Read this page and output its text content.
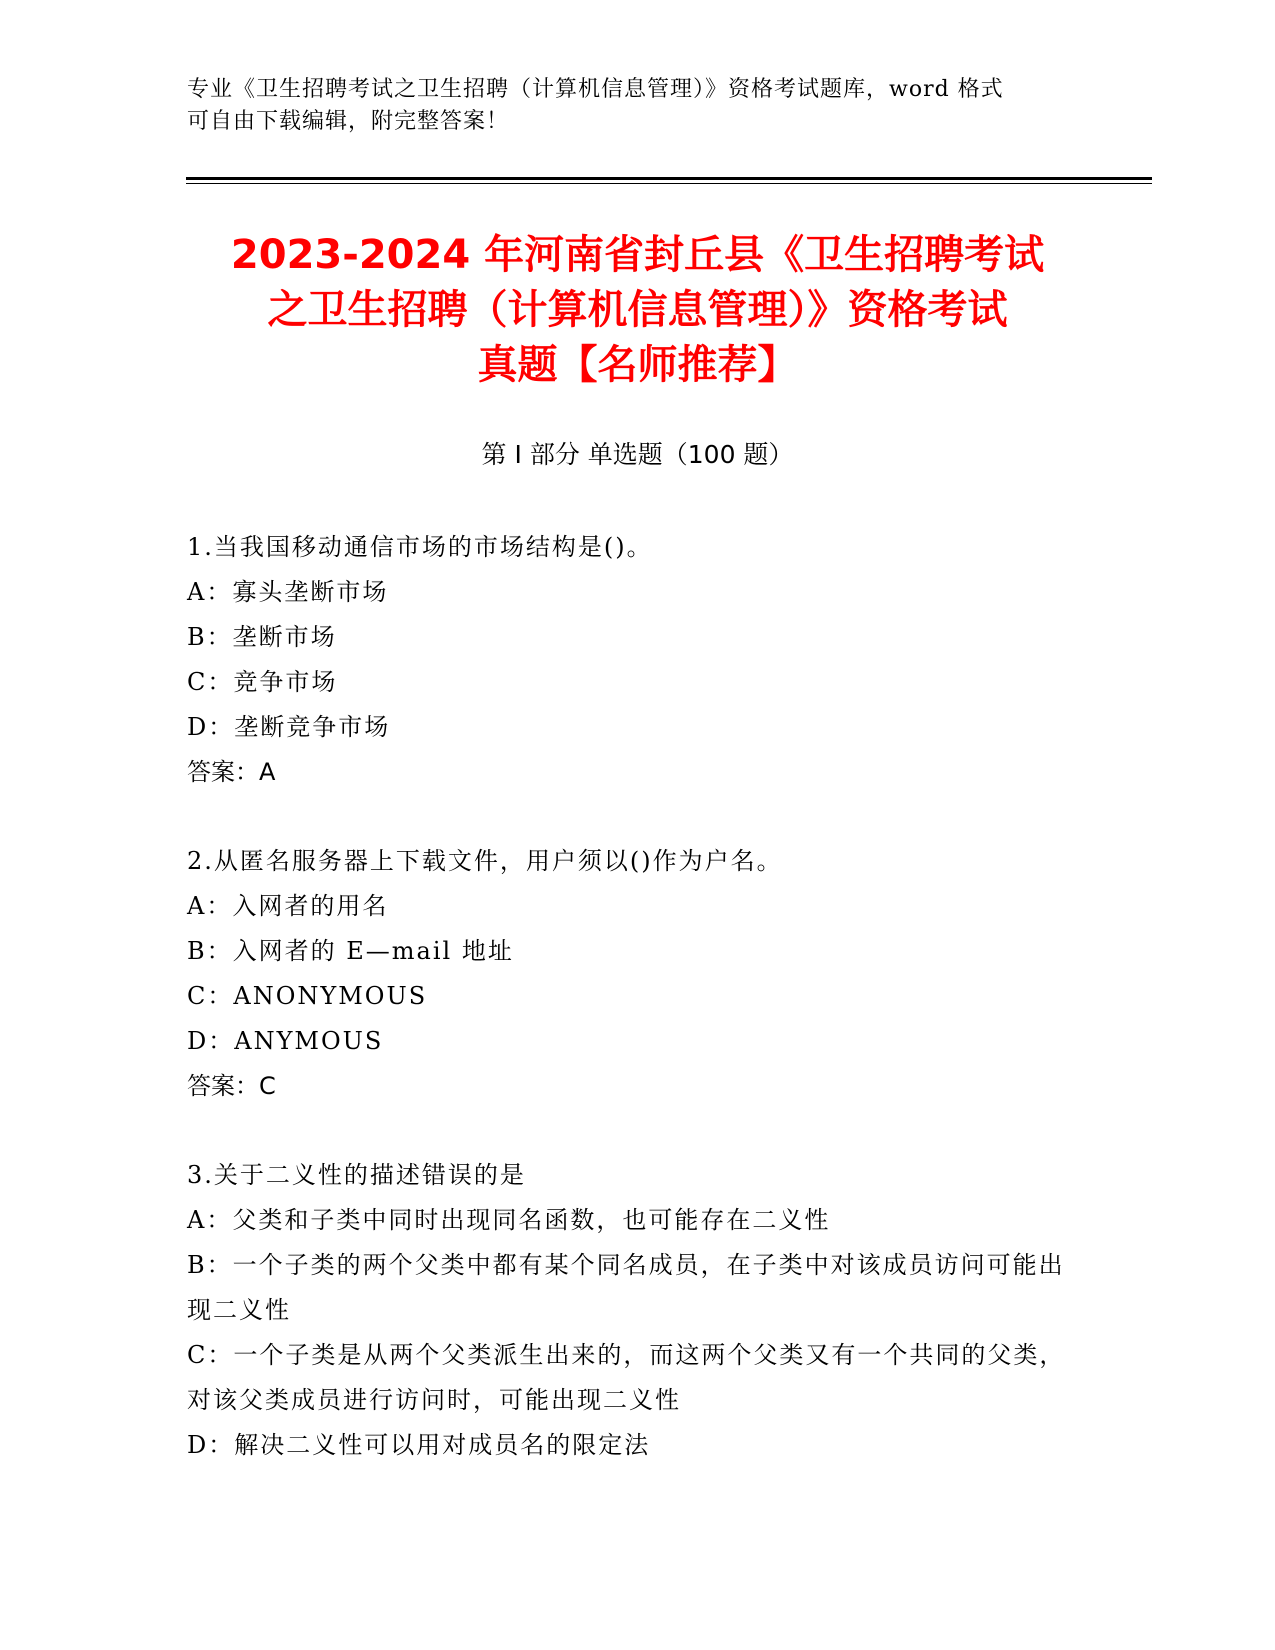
专业《卫生招聘考试之卫生招聘（计算机信息管理）》资格考试题库，word 格式
可自由下载编辑，附完整答案！
2023-2024 年河南省封丘县《卫生招聘考试
之卫生招聘（计算机信息管理）》资格考试
真题【名师推荐】
第 I 部分 单选题（100 题）
1.当我国移动通信市场的市场结构是()。
A：寡头垄断市场
B：垄断市场
C：竞争市场
D：垄断竞争市场
答案：A
2.从匿名服务器上下载文件，用户须以()作为户名。
A：入网者的用名
B：入网者的 E—mail 地址
C：ANONYMOUS
D：ANYMOUS
答案：C
3.关于二义性的描述错误的是
A：父类和子类中同时出现同名函数，也可能存在二义性
B：一个子类的两个父类中都有某个同名成员，在子类中对该成员访问可能出现二义性
C：一个子类是从两个父类派生出来的，而这两个父类又有一个共同的父类，对该父类成员进行访问时，可能出现二义性
D：解决二义性可以用对成员名的限定法
